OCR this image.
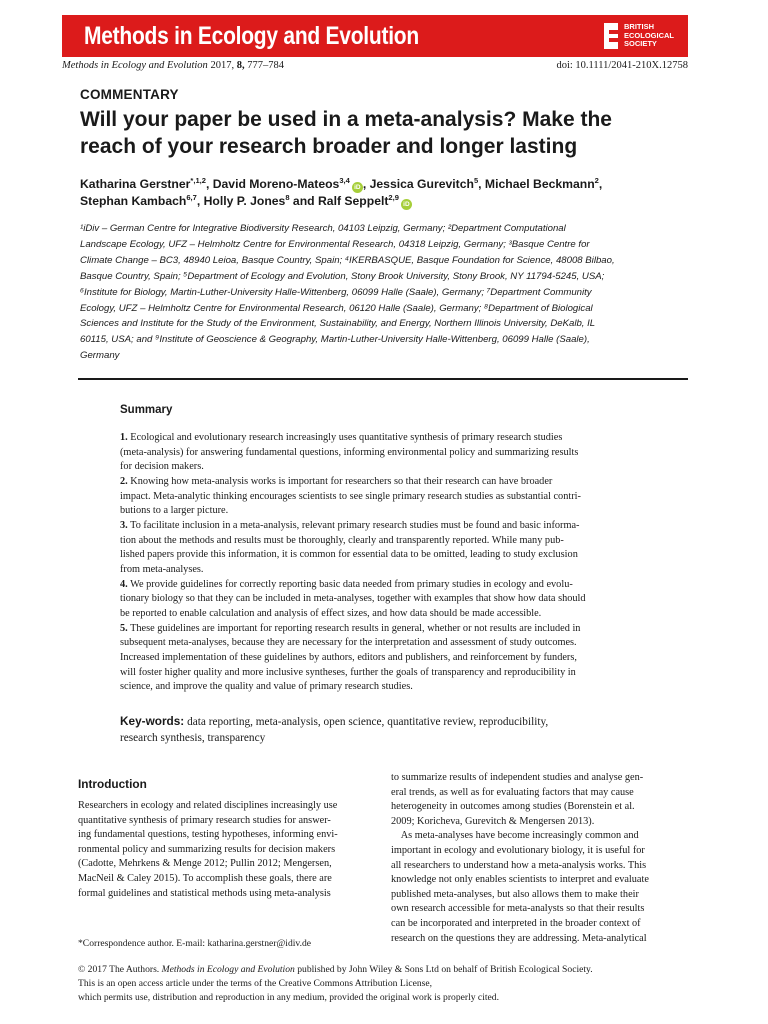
Methods in Ecology and Evolution	BRITISH
ECOLOGICAL
SOCIETY
Methods in Ecology and Evolution 2017, 8, 777–784	doi: 10.1111/2041-210X.12758
COMMENTARY
Will your paper be used in a meta-analysis? Make the
reach of your research broader and longer lasting
Katharina Gerstner$^{*,1,2}$, David Moreno-Mateos$^{3,4}$iD , Jessica Gurevitch$^5$, Michael Beckmann$^2$,
Stephan Kambach$^{6,7}$, Holly P. Jones$^8$ and Ralf Seppelt$^{2,9}$iD
¹iDiv – German Centre for Integrative Biodiversity Research, 04103 Leipzig, Germany; ²Department Computational
Landscape Ecology, UFZ – Helmholtz Centre for Environmental Research, 04318 Leipzig, Germany; ³Basque Centre for
Climate Change – BC3, 48940 Leioa, Basque Country, Spain; ⁴IKERBASQUE, Basque Foundation for Science, 48008 Bilbao,
Basque Country, Spain; ⁵Department of Ecology and Evolution, Stony Brook University, Stony Brook, NY 11794-5245, USA;
⁶Institute for Biology, Martin-Luther-University Halle-Wittenberg, 06099 Halle (Saale), Germany; ⁷Department Community
Ecology, UFZ – Helmholtz Centre for Environmental Research, 06120 Halle (Saale), Germany; ⁸Department of Biological
Sciences and Institute for the Study of the Environment, Sustainability, and Energy, Northern Illinois University, DeKalb, IL
60115, USA; and ⁹Institute of Geoscience & Geography, Martin-Luther-University Halle-Wittenberg, 06099 Halle (Saale),
Germany
Summary
1. Ecological and evolutionary research increasingly uses quantitative synthesis of primary research studies
(meta-analysis) for answering fundamental questions, informing environmental policy and summarizing results
for decision makers.
2. Knowing how meta-analysis works is important for researchers so that their research can have broader
impact. Meta-analytic thinking encourages scientists to see single primary research studies as substantial contri-
butions to a larger picture.
3. To facilitate inclusion in a meta-analysis, relevant primary research studies must be found and basic informa-
tion about the methods and results must be thoroughly, clearly and transparently reported. While many pub-
lished papers provide this information, it is common for essential data to be omitted, leading to study exclusion
from meta-analyses.
4. We provide guidelines for correctly reporting basic data needed from primary studies in ecology and evolu-
tionary biology so that they can be included in meta-analyses, together with examples that show how data should
be reported to enable calculation and analysis of effect sizes, and how data should be made accessible.
5. These guidelines are important for reporting research results in general, whether or not results are included in
subsequent meta-analyses, because they are necessary for the interpretation and assessment of study outcomes.
Increased implementation of these guidelines by authors, editors and publishers, and reinforcement by funders,
will foster higher quality and more inclusive syntheses, further the goals of transparency and reproducibility in
science, and improve the quality and value of primary research studies.
Key-words: data reporting, meta-analysis, open science, quantitative review, reproducibility,
research synthesis, transparency
Introduction
Researchers in ecology and related disciplines increasingly use
quantitative synthesis of primary research studies for answer-
ing fundamental questions, testing hypotheses, informing envi-
ronmental policy and summarizing results for decision makers
(Cadotte, Mehrkens & Menge 2012; Pullin 2012; Mengersen,
MacNeil & Caley 2015). To accomplish these goals, there are
formal guidelines and statistical methods using meta-analysis
to summarize results of independent studies and analyse gen-
eral trends, as well as for evaluating factors that may cause
heterogeneity in outcomes among studies (Borenstein et al.
2009; Koricheva, Gurevitch & Mengersen 2013).
As meta-analyses have become increasingly common and
important in ecology and evolutionary biology, it is useful for
all researchers to understand how a meta-analysis works. This
knowledge not only enables scientists to interpret and evaluate
published meta-analyses, but also allows them to make their
own research accessible for meta-analysts so that their results
can be incorporated and interpreted in the broader context of
research on the questions they are addressing. Meta-analytical
*Correspondence author. E-mail: katharina.gerstner@idiv.de
© 2017 The Authors. Methods in Ecology and Evolution published by John Wiley & Sons Ltd on behalf of British Ecological Society.
This is an open access article under the terms of the Creative Commons Attribution License,
which permits use, distribution and reproduction in any medium, provided the original work is properly cited.
